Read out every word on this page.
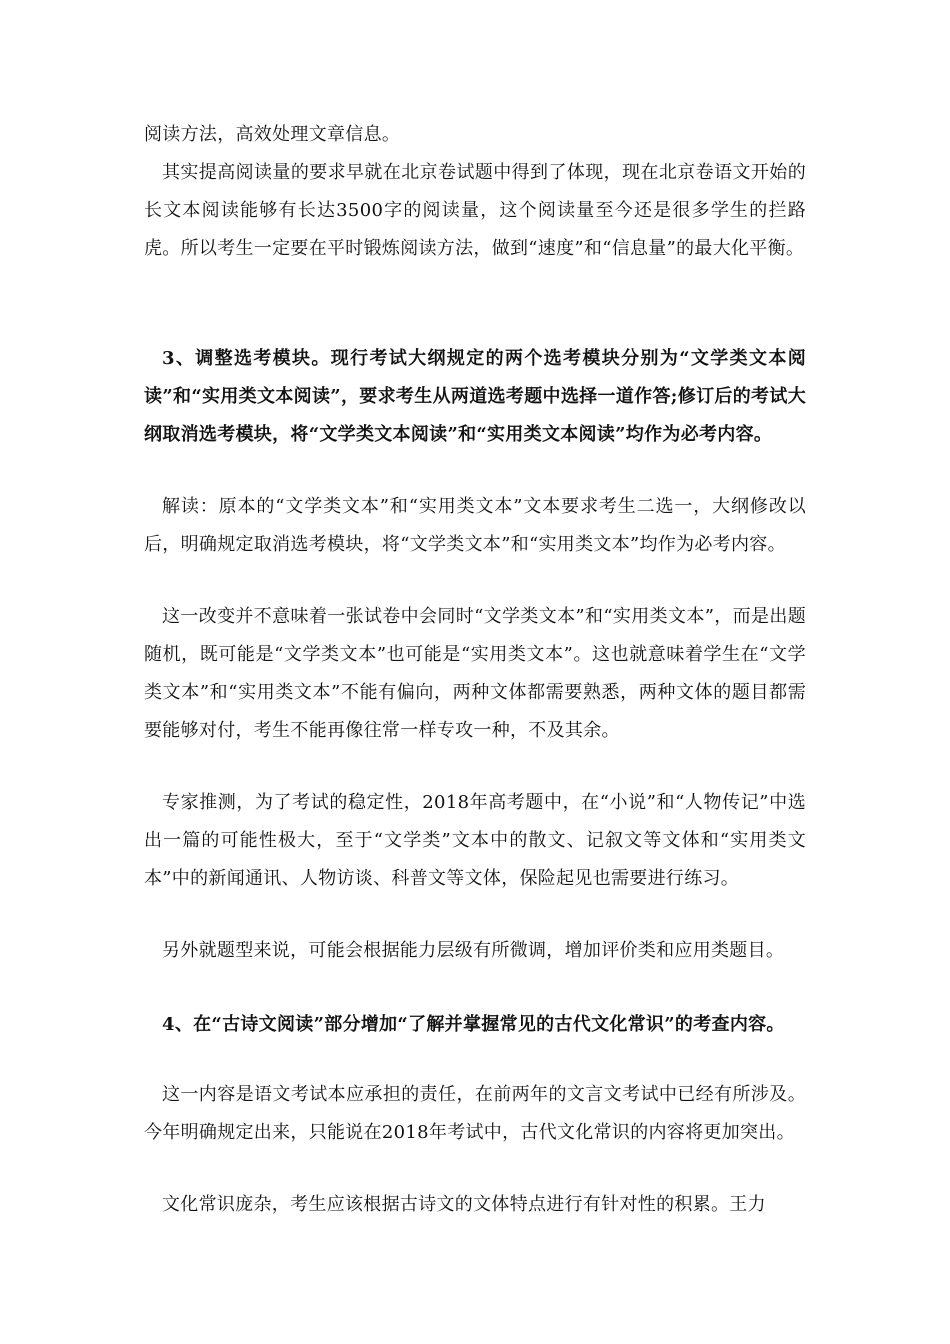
阅读方法，高效处理文章信息。

其实提高阅读量的要求早就在北京卷试题中得到了体现，现在北京卷语文开始的长文本阅读能够有长达3500字的阅读量，这个阅读量至今还是很多学生的拦路虎。所以考生一定要在平时锻炼阅读方法，做到“速度”和“信息量”的最大化平衡。

3、调整选考模块。现行考试大纲规定的两个选考模块分别为“文学类文本阅读”和“实用类文本阅读”，要求考生从两道选考题中选择一道作答;修订后的考试大纲取消选考模块，将“文学类文本阅读”和“实用类文本阅读”均作为必考内容。

解读：原本的“文学类文本”和“实用类文本”文本要求考生二选一，大纲修改以后，明确规定取消选考模块，将“文学类文本”和“实用类文本”均作为必考内容。

这一改变并不意味着一张试卷中会同时“文学类文本”和“实用类文本”，而是出题随机，既可能是“文学类文本”也可能是“实用类文本”。这也就意味着学生在“文学类文本”和“实用类文本”不能有偏向，两种文体都需要熟悉，两种文体的题目都需要能够对付，考生不能再像往常一样专攻一种，不及其余。

专家推测，为了考试的稳定性，2018年高考题中，在“小说”和“人物传记”中选出一篇的可能性极大，至于“文学类”文本中的散文、记叙文等文体和“实用类文本”中的新闻通讯、人物访谈、科普文等文体，保险起见也需要进行练习。

另外就题型来说，可能会根据能力层级有所微调，增加评价类和应用类题目。

4、在“古诗文阅读”部分增加“了解并掌握常见的古代文化常识”的考查内容。

这一内容是语文考试本应承担的责任，在前两年的文言文考试中已经有所涉及。今年明确规定出来，只能说在2018年考试中，古代文化常识的内容将更加突出。

文化常识庞杂，考生应该根据古诗文的文体特点进行有针对性的积累。王力
